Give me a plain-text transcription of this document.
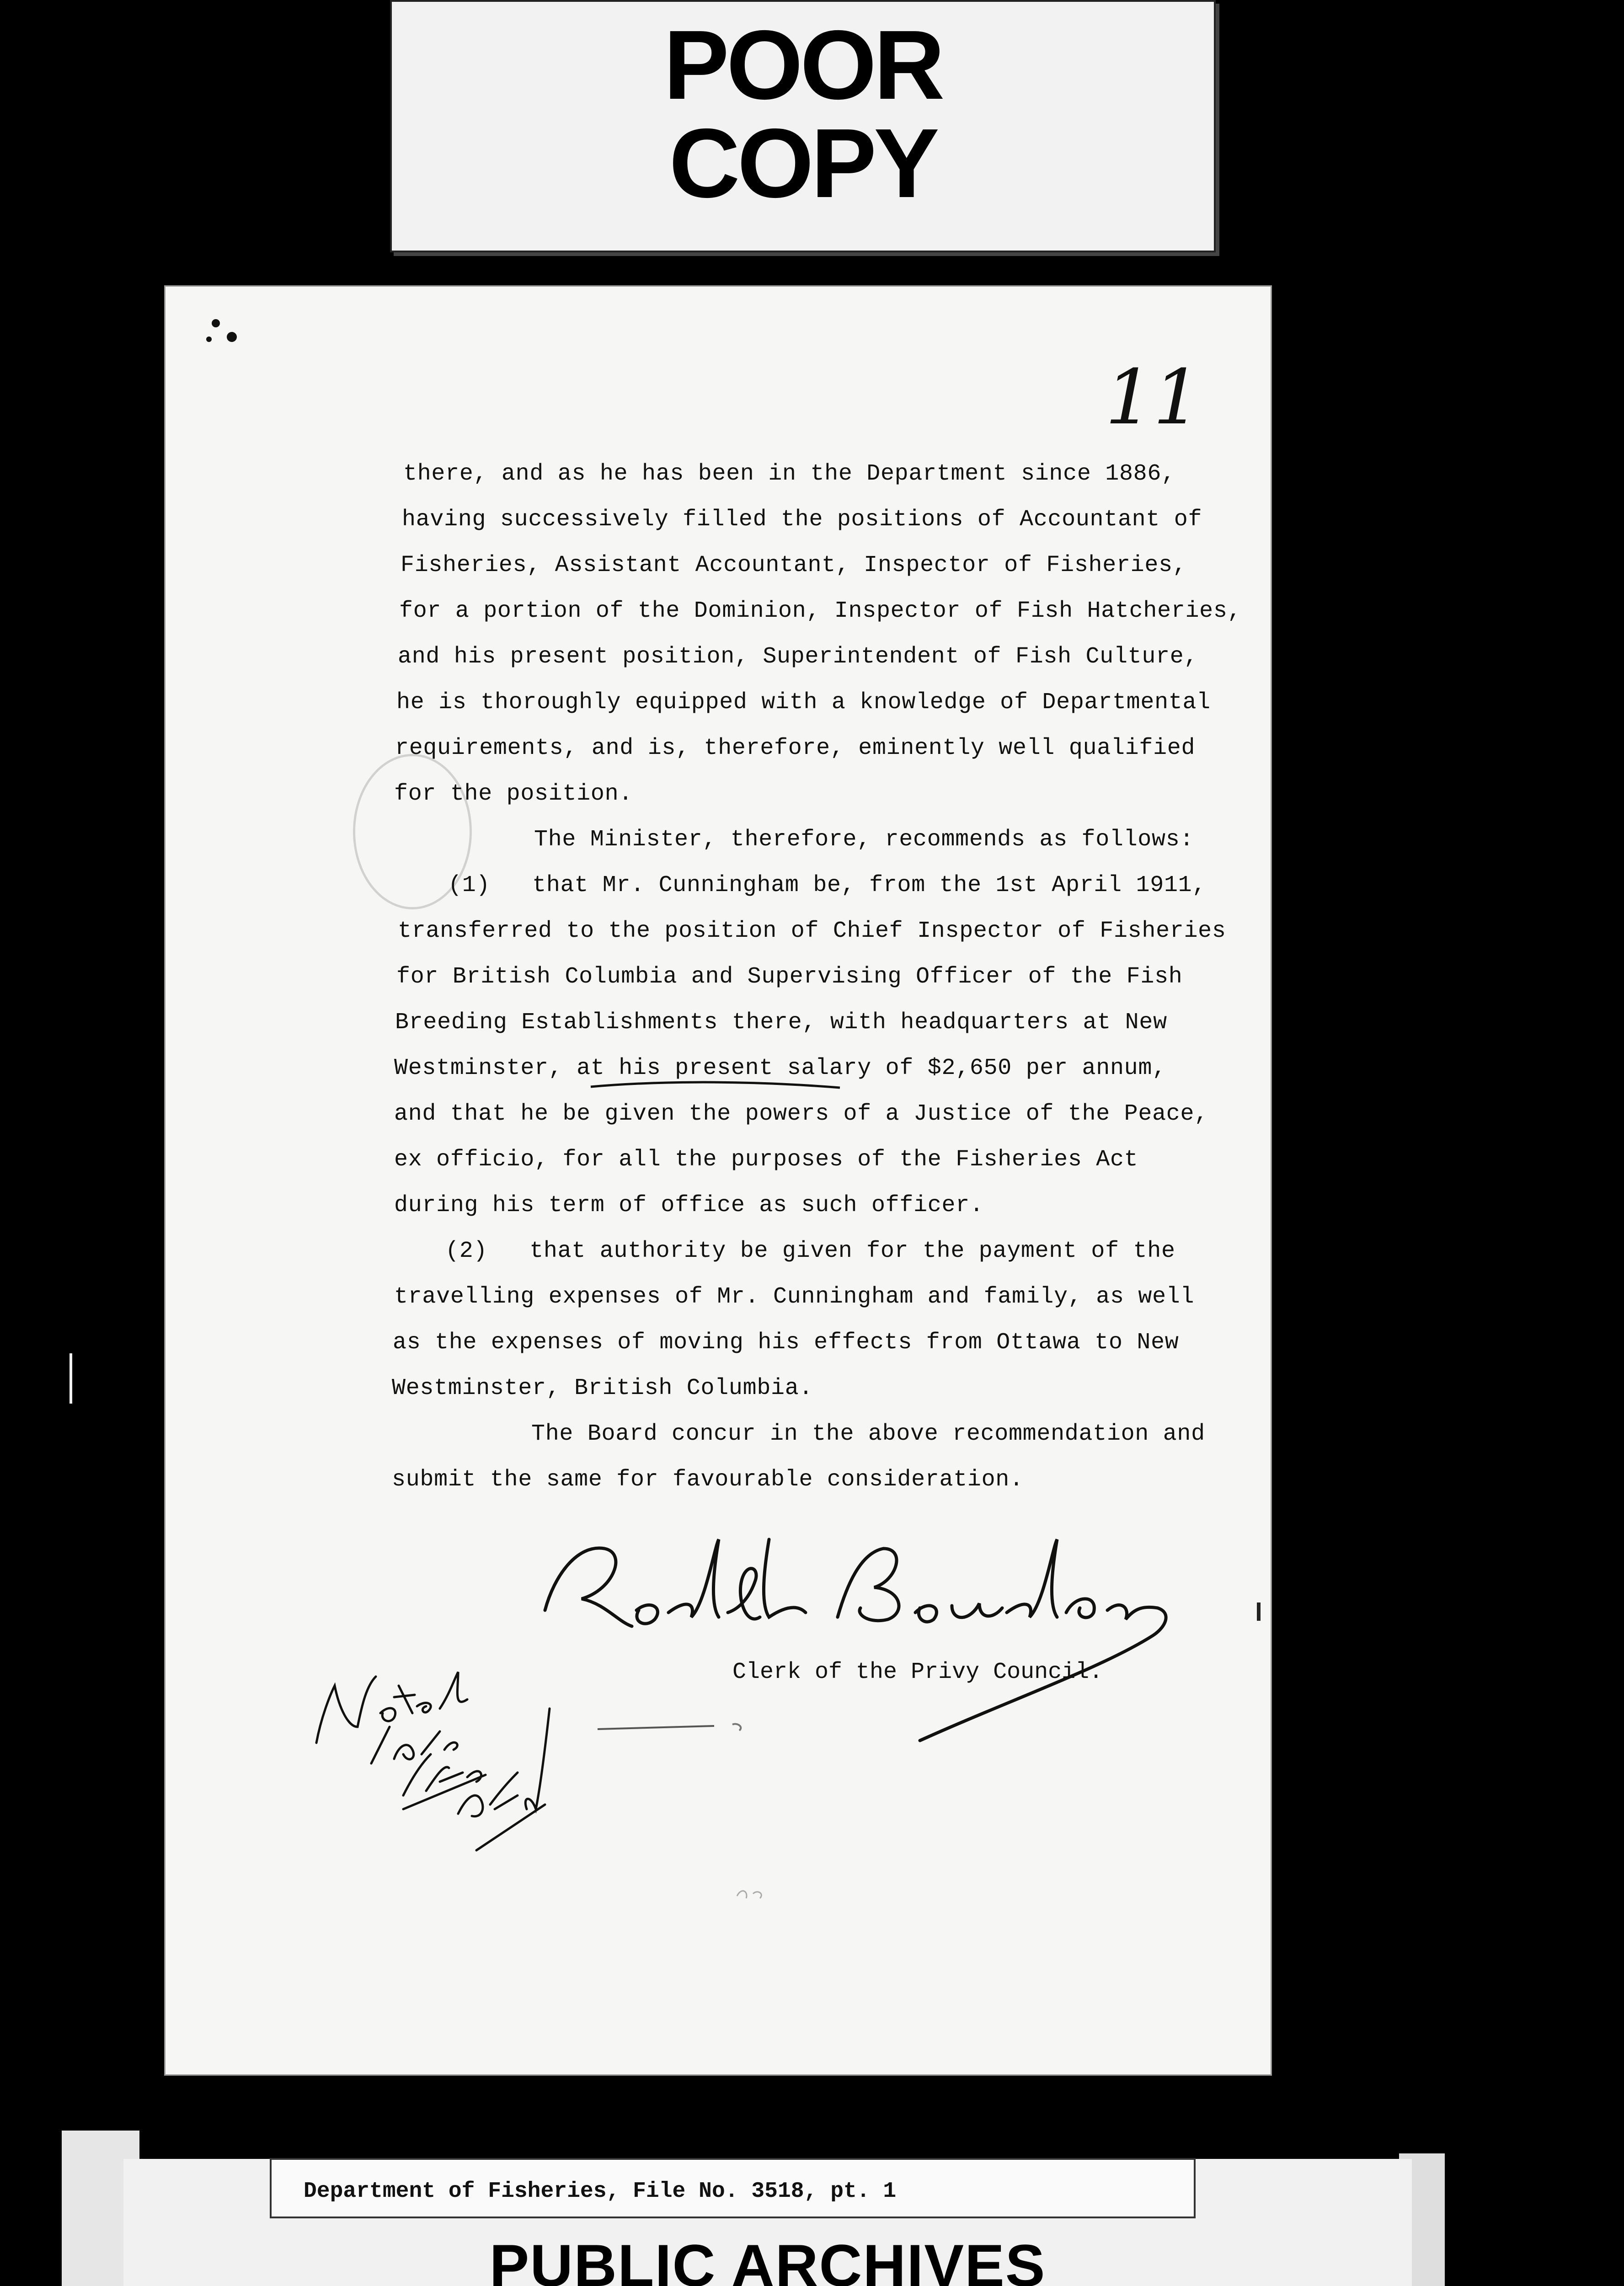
POOR
COPY
11
there, and as he has been in the Department since 1886,
having successively filled the positions of Accountant of
Fisheries, Assistant Accountant, Inspector of Fisheries,
for a portion of the Dominion, Inspector of Fish Hatcheries,
and his present position, Superintendent of Fish Culture,
he is thoroughly equipped with a knowledge of Departmental
requirements, and is, therefore, eminently well qualified
for the position.
The Minister, therefore, recommends as follows:
(1)   that Mr. Cunningham be, from the 1st April 1911,
transferred to the position of Chief Inspector of Fisheries
for British Columbia and Supervising Officer of the Fish
Breeding Establishments there, with headquarters at New
Westminster, at his present salary of $2,650 per annum,
and that he be given the powers of a Justice of the Peace,
ex officio, for all the purposes of the Fisheries Act
during his term of office as such officer.
(2)   that authority be given for the payment of the
travelling expenses of Mr. Cunningham and family, as well
as the expenses of moving his effects from Ottawa to New
Westminster, British Columbia.
The Board concur in the above recommendation and
submit the same for favourable consideration.
Clerk of the Privy Council.
Department of Fisheries, File No. 3518, pt. 1
PUBLIC ARCHIVES
